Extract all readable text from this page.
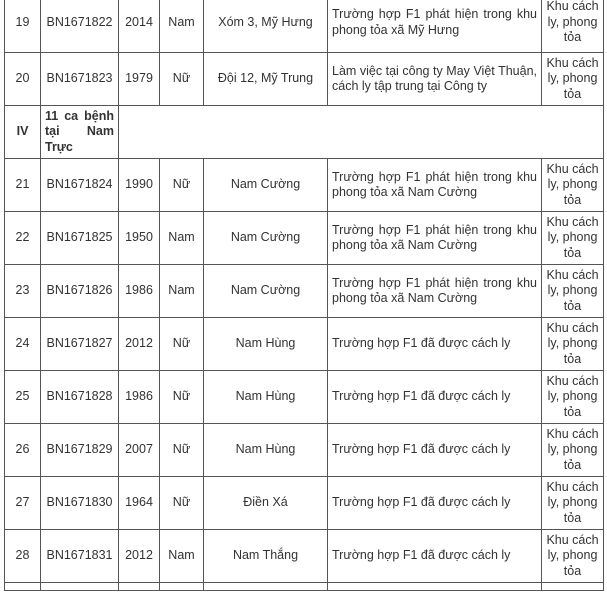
19	BN1671822	2014	Nam	Xóm 3, Mỹ Hưng	Trường hợp F1 phát hiện trong khu phong tỏa xã Mỹ Hưng	Khu cách ly, phong tỏa
20	BN1671823	1979	Nữ	Đội 12, Mỹ Trung	Làm việc tại công ty May Việt Thuận, cách ly tập trung tại Công ty	Khu cách ly, phong tỏa
IV	11 ca bệnh tại Nam Trực					
21	BN1671824	1990	Nữ	Nam Cường	Trường hợp F1 phát hiện trong khu phong tỏa xã Nam Cường	Khu cách ly, phong tỏa
22	BN1671825	1950	Nam	Nam Cường	Trường hợp F1 phát hiện trong khu phong tỏa xã Nam Cường	Khu cách ly, phong tỏa
23	BN1671826	1986	Nam	Nam Cường	Trường hợp F1 phát hiện trong khu phong tỏa xã Nam Cường	Khu cách ly, phong tỏa
24	BN1671827	2012	Nữ	Nam Hùng	Trường hợp F1 đã được cách ly	Khu cách ly, phong tỏa
25	BN1671828	1986	Nữ	Nam Hùng	Trường hợp F1 đã được cách ly	Khu cách ly, phong tỏa
26	BN1671829	2007	Nữ	Nam Hùng	Trường hợp F1 đã được cách ly	Khu cách ly, phong tỏa
27	BN1671830	1964	Nữ	Điền Xá	Trường hợp F1 đã được cách ly	Khu cách ly, phong tỏa
28	BN1671831	2012	Nam	Nam Thắng	Trường hợp F1 đã được cách ly	Khu cách ly, phong tỏa
